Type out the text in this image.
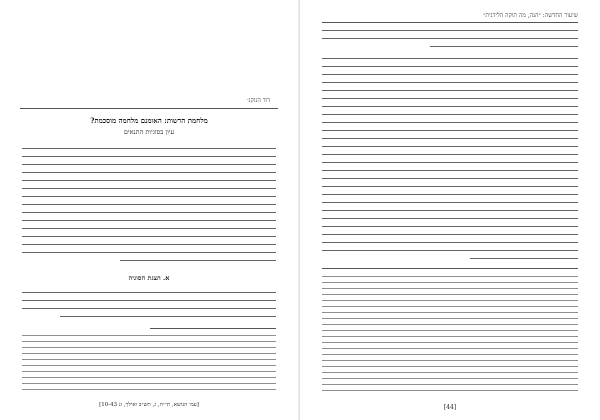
דוד הנוקנ׳
מלחמת הרשות: האומנם מלחמה מוסכמת?
עיון בסוגיות התנאים
א. הצגת הסוגיה
[עמ׳ הנושא, ת״״ה, ג, תש״ב ואילך, ונ 10-43]
שיעור החדשה: ״הנה, מה תוקה הלידנית״
[44]
